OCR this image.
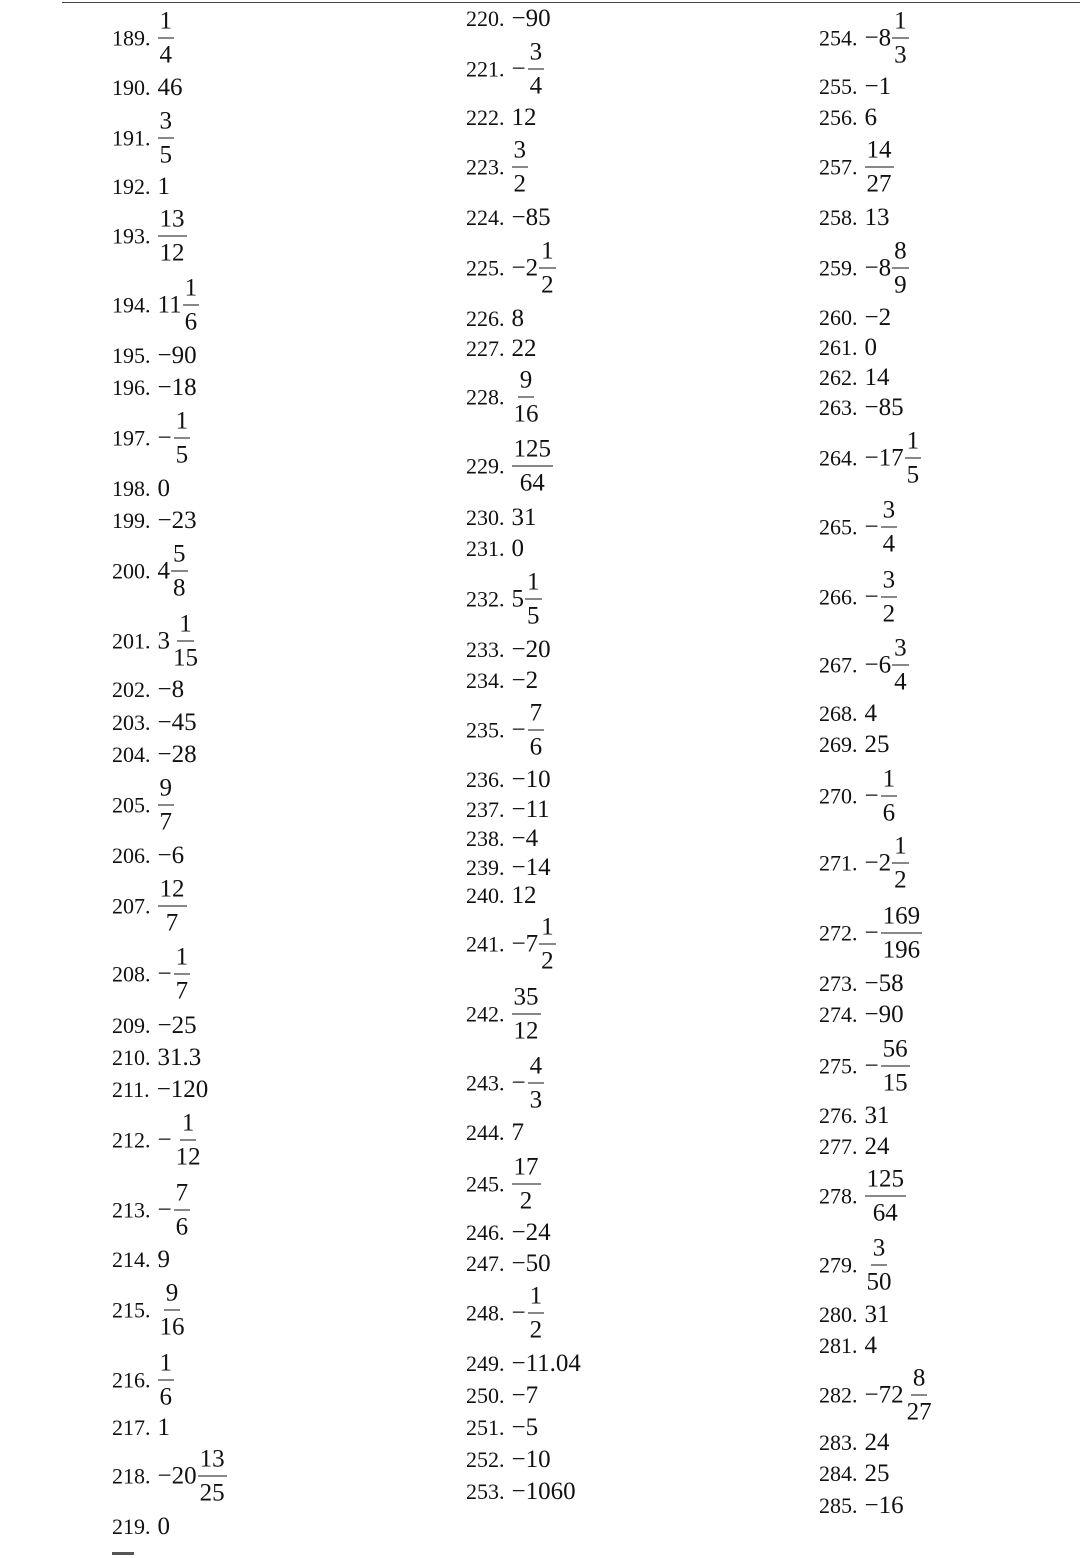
189. $\frac{1}{4}$
190. 46
191. $\frac{3}{5}$
192. 1
193. $\frac{13}{12}$
194. $11 \frac{1}{6}$
195. −90
196. −18
197. − $\frac{1}{5}$
198. 0
199. −23
200. $4 \frac{5}{8}$
201. $3 \frac{1}{15}$
202. −8
203. −45
204. −28
205. $\frac{9}{7}$
206. −6
207. $\frac{12}{7}$
208. − $\frac{1}{7}$
209. −25
210. 31.3
211. −120
212. − $\frac{1}{12}$
213. − $\frac{7}{6}$
214. 9
215. $\frac{9}{16}$
216. $\frac{1}{6}$
217. 1
218. $-20 \frac{13}{25}$
219. 0
220. −90
221. − $\frac{3}{4}$
222. 12
223. $\frac{3}{2}$
224. −85
225. $-2 \frac{1}{2}$
226. 8
227. 22
228. $\frac{9}{16}$
229. $\frac{125}{64}$
230. 31
231. 0
232. $5 \frac{1}{5}$
233. −20
234. −2
235. − $\frac{7}{6}$
236. −10
237. −11
238. −4
239. −14
240. 12
241. $-7 \frac{1}{2}$
242. $\frac{35}{12}$
243. − $\frac{4}{3}$
244. 7
245. $\frac{17}{2}$
246. −24
247. −50
248. − $\frac{1}{2}$
249. −11.04
250. −7
251. −5
252. −10
253. −1060
254. $-8 \frac{1}{3}$
255. −1
256. 6
257. $\frac{14}{27}$
258. 13
259. $-8 \frac{8}{9}$
260. −2
261. 0
262. 14
263. −85
264. $-17 \frac{1}{5}$
265. − $\frac{3}{4}$
266. − $\frac{3}{2}$
267. $-6 \frac{3}{4}$
268. 4
269. 25
270. − $\frac{1}{6}$
271. $-2 \frac{1}{2}$
272. − $\frac{169}{196}$
273. −58
274. −90
275. − $\frac{56}{15}$
276. 31
277. 24
278. $\frac{125}{64}$
279. $\frac{3}{50}$
280. 31
281. 4
282. $-72 \frac{8}{27}$
283. 24
284. 25
285. −16
